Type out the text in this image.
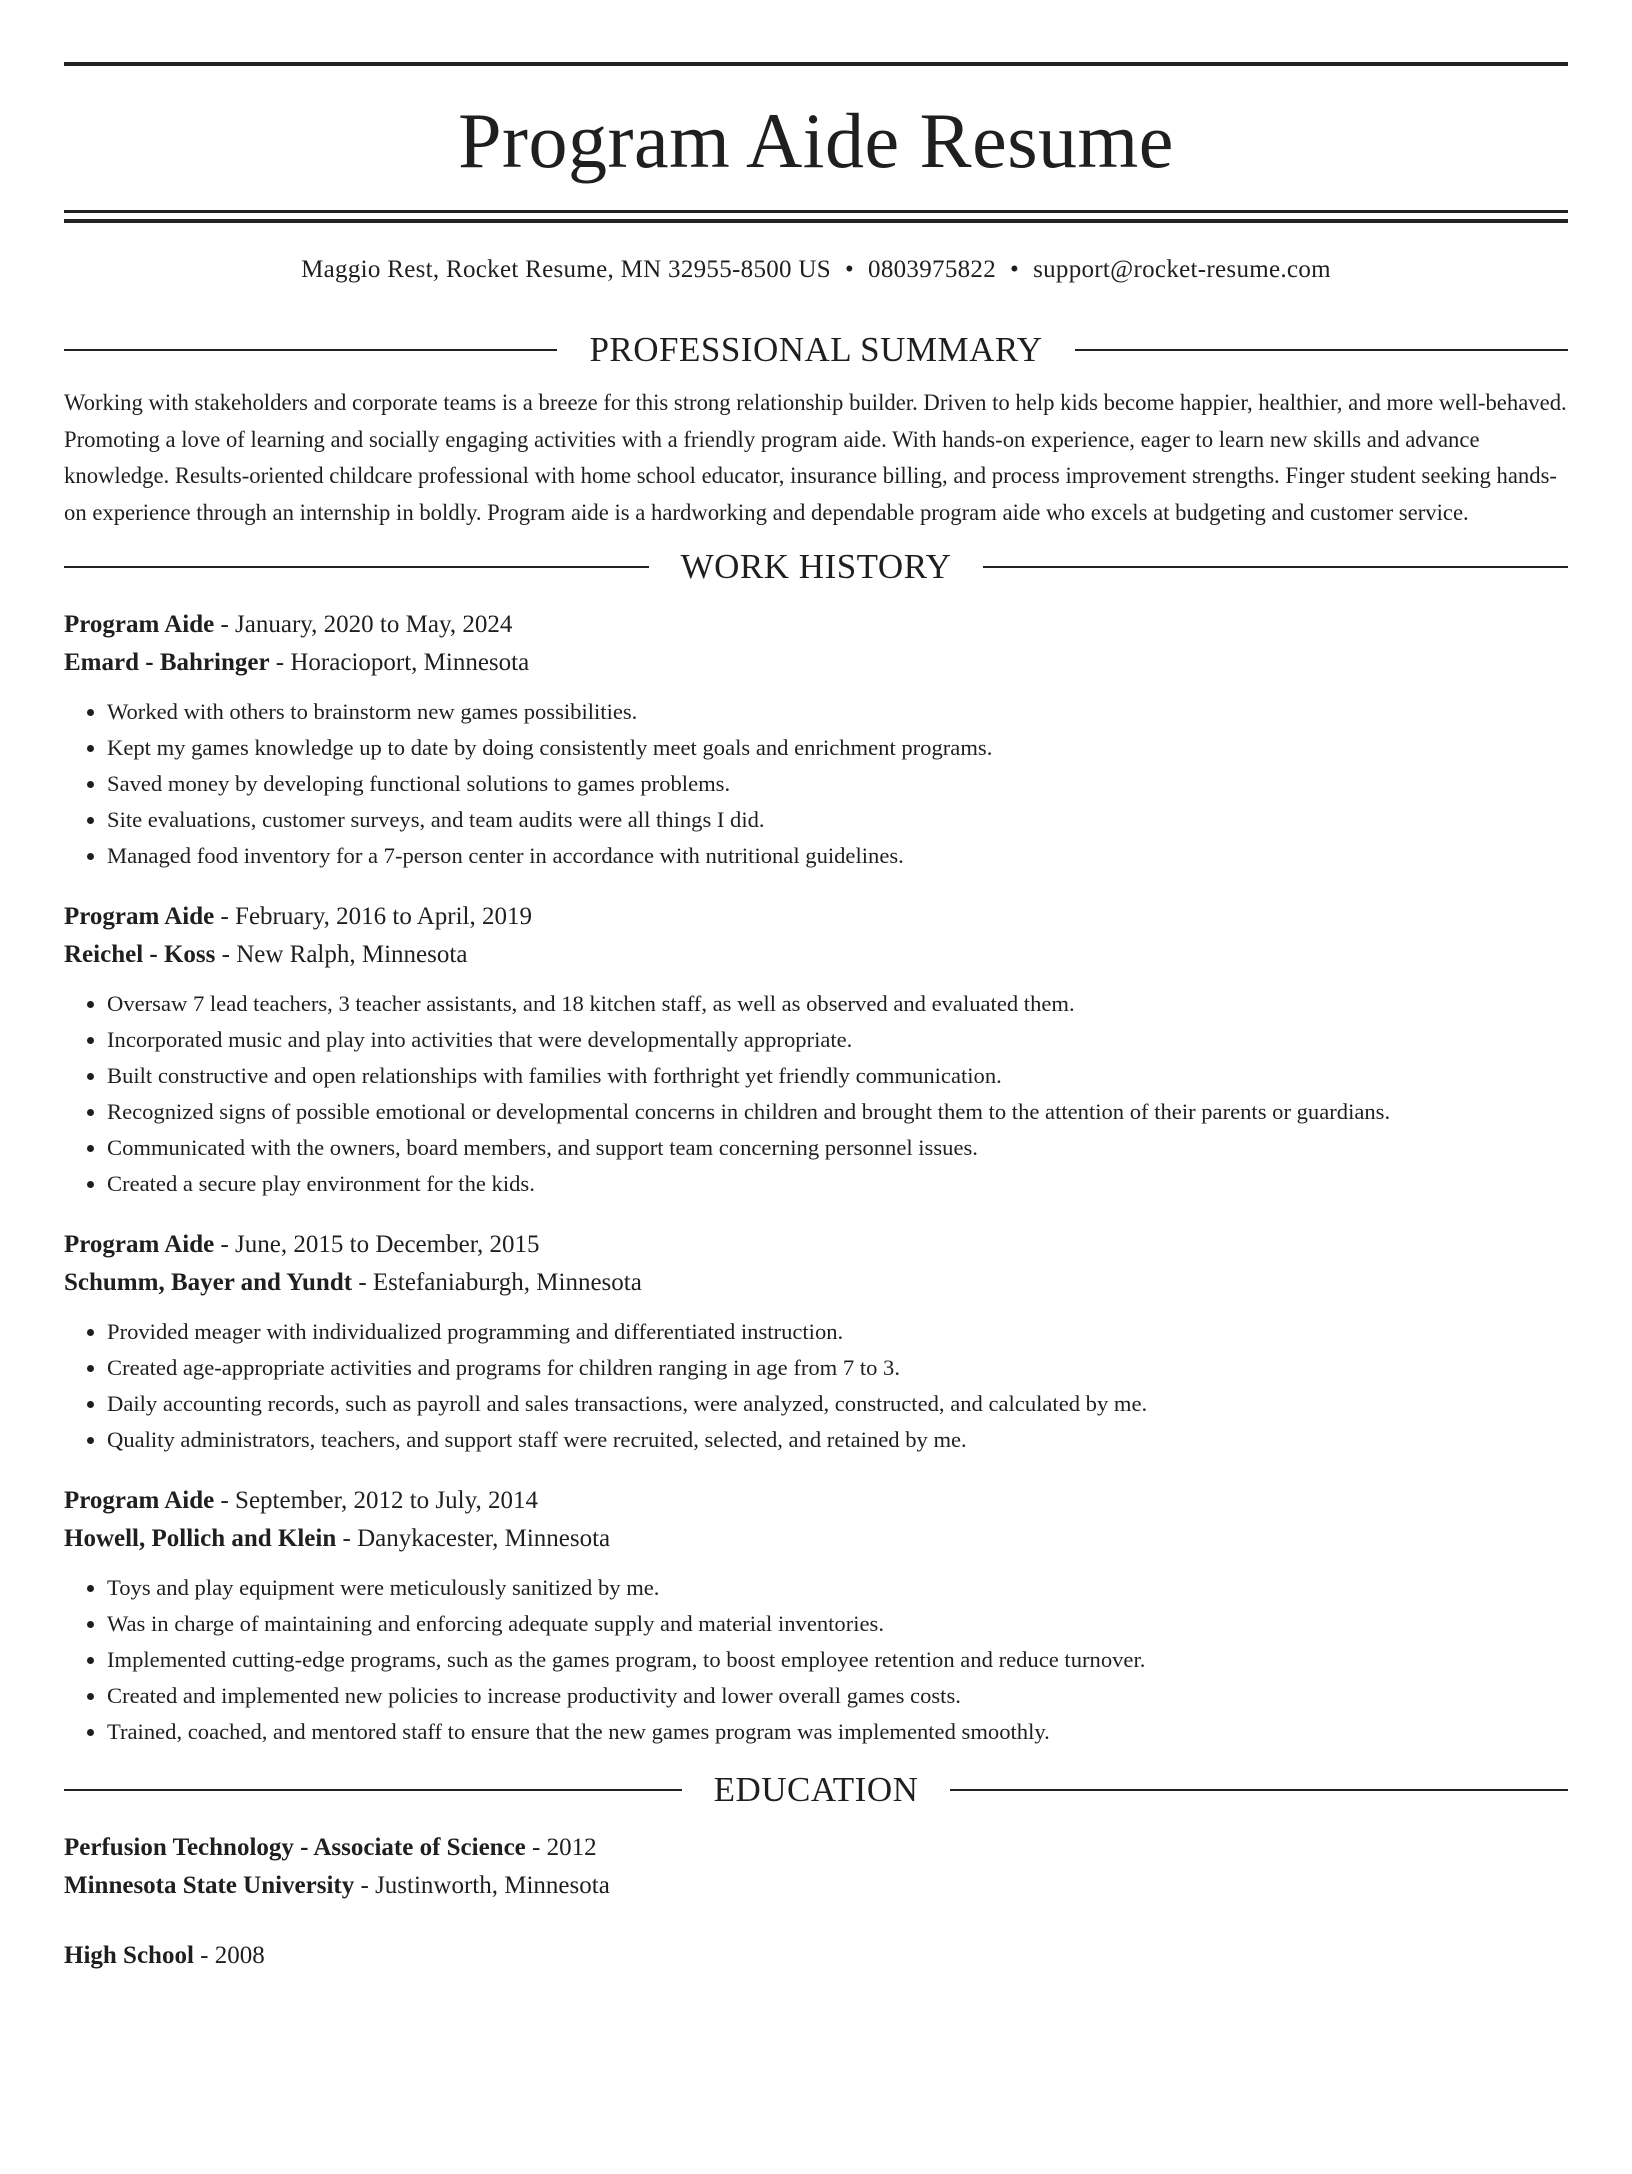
Program Aide Resume
Maggio Rest, Rocket Resume, MN 32955-8500 US • 0803975822 • support@rocket-resume.com
PROFESSIONAL SUMMARY

Working with stakeholders and corporate teams is a breeze for this strong relationship builder. Driven to help kids become happier, healthier, and more well-behaved. Promoting a love of learning and socially engaging activities with a friendly program aide. With hands-on experience, eager to learn new skills and advance knowledge. Results-oriented childcare professional with home school educator, insurance billing, and process improvement strengths. Finger student seeking hands-on experience through an internship in boldly. Program aide is a hardworking and dependable program aide who excels at budgeting and customer service.

WORK HISTORY
Program Aide - January, 2020 to May, 2024
Emard - Bahringer - Horacioport, Minnesota
• Worked with others to brainstorm new games possibilities.
• Kept my games knowledge up to date by doing consistently meet goals and enrichment programs.
• Saved money by developing functional solutions to games problems.
• Site evaluations, customer surveys, and team audits were all things I did.
• Managed food inventory for a 7-person center in accordance with nutritional guidelines.
Program Aide - February, 2016 to April, 2019
Reichel - Koss - New Ralph, Minnesota
• Oversaw 7 lead teachers, 3 teacher assistants, and 18 kitchen staff, as well as observed and evaluated them.
• Incorporated music and play into activities that were developmentally appropriate.
• Built constructive and open relationships with families with forthright yet friendly communication.
• Recognized signs of possible emotional or developmental concerns in children and brought them to the attention of their parents or guardians.
• Communicated with the owners, board members, and support team concerning personnel issues.
• Created a secure play environment for the kids.
Program Aide - June, 2015 to December, 2015
Schumm, Bayer and Yundt - Estefaniaburgh, Minnesota
• Provided meager with individualized programming and differentiated instruction.
• Created age-appropriate activities and programs for children ranging in age from 7 to 3.
• Daily accounting records, such as payroll and sales transactions, were analyzed, constructed, and calculated by me.
• Quality administrators, teachers, and support staff were recruited, selected, and retained by me.
Program Aide - September, 2012 to July, 2014
Howell, Pollich and Klein - Danykacester, Minnesota
• Toys and play equipment were meticulously sanitized by me.
• Was in charge of maintaining and enforcing adequate supply and material inventories.
• Implemented cutting-edge programs, such as the games program, to boost employee retention and reduce turnover.
• Created and implemented new policies to increase productivity and lower overall games costs.
• Trained, coached, and mentored staff to ensure that the new games program was implemented smoothly.
EDUCATION
Perfusion Technology - Associate of Science - 2012
Minnesota State University - Justinworth, Minnesota
High School - 2008
